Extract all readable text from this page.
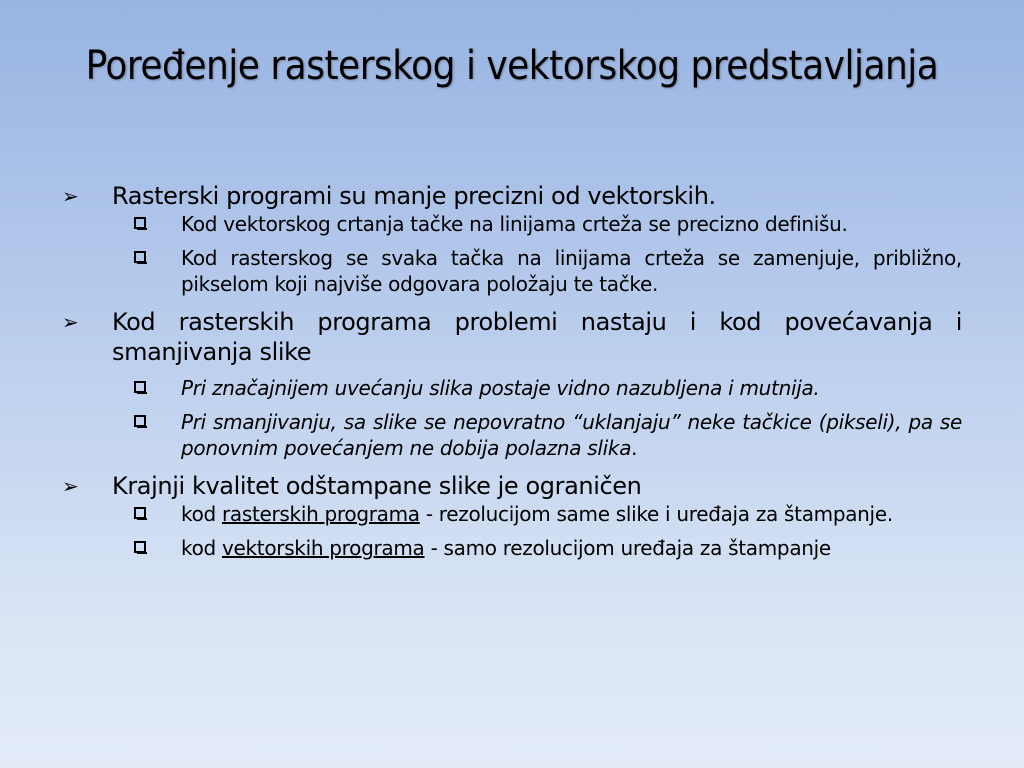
Poređenje rasterskog i vektorskog predstavljanja
➢	Rasterski programi su manje precizni od vektorskih.
Kod vektorskog crtanja tačke na linijama crteža se precizno definišu.
Kod rasterskog se svaka tačka na linijama crteža se zamenjuje, približno, pikselom koji najviše odgovara položaju te tačke.
➢	Kod rasterskih programa problemi nastaju i kod povećavanja i smanjivanja slike
Pri značajnijem uvećanju slika postaje vidno nazubljena i mutnija.
Pri smanjivanju, sa slike se nepovratno “uklanjaju” neke tačkice (pikseli), pa se ponovnim povećanjem ne dobija polazna slika.
➢	Krajnji kvalitet odštampane slike je ograničen
kod rasterskih programa - rezolucijom same slike i uređaja za štampanje.
kod vektorskih programa - samo rezolucijom uređaja za štampanje
